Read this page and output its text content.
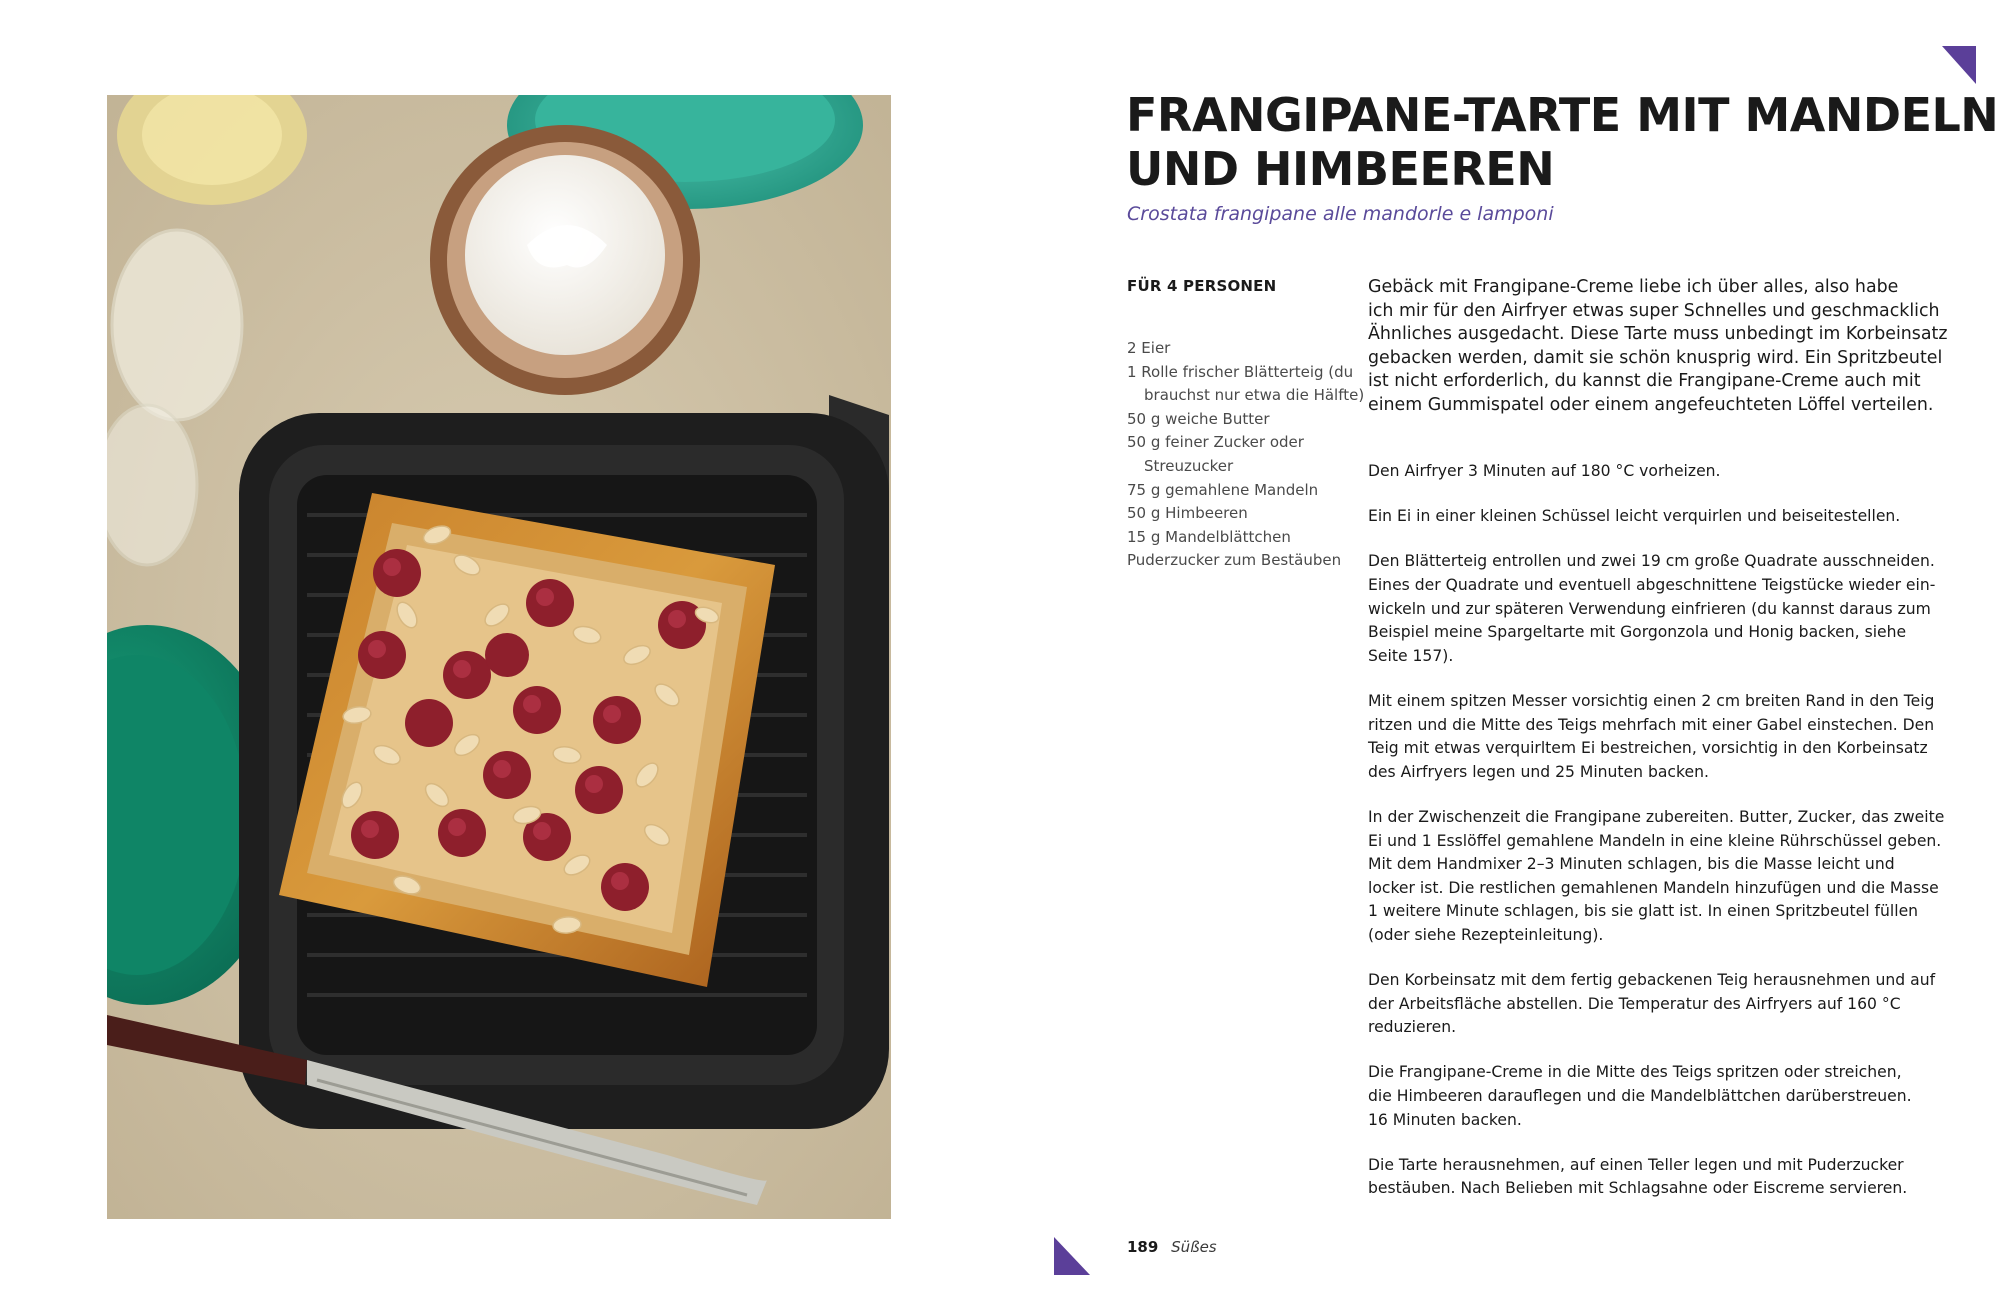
FRANGIPANE-TARTE MIT MANDELN
UND HIMBEEREN
Crostata frangipane alle mandorle e lamponi
FÜR 4 PERSONEN
2 Eier
1 Rolle frischer Blätterteig (du
brauchst nur etwa die Hälfte)
50 g weiche Butter
50 g feiner Zucker oder
Streuzucker
75 g gemahlene Mandeln
50 g Himbeeren
15 g Mandelblättchen
Puderzucker zum Bestäuben

Gebäck mit Frangipane-Creme liebe ich über alles, also habe
ich mir für den Airfryer etwas super Schnelles und geschmacklich
Ähnliches ausgedacht. Diese Tarte muss unbedingt im Korbeinsatz
gebacken werden, damit sie schön knusprig wird. Ein Spritzbeutel
ist nicht erforderlich, du kannst die Frangipane-Creme auch mit
einem Gummispatel oder einem angefeuchteten Löffel verteilen.

Den Airfryer 3 Minuten auf 180 °C vorheizen.

Ein Ei in einer kleinen Schüssel leicht verquirlen und beiseitestellen.

Den Blätterteig entrollen und zwei 19 cm große Quadrate ausschneiden.
Eines der Quadrate und eventuell abgeschnittene Teigstücke wieder ein-
wickeln und zur späteren Verwendung einfrieren (du kannst daraus zum
Beispiel meine Spargeltarte mit Gorgonzola und Honig backen, siehe
Seite 157).

Mit einem spitzen Messer vorsichtig einen 2 cm breiten Rand in den Teig
ritzen und die Mitte des Teigs mehrfach mit einer Gabel einstechen. Den
Teig mit etwas verquirltem Ei bestreichen, vorsichtig in den Korbeinsatz
des Airfryers legen und 25 Minuten backen.

In der Zwischenzeit die Frangipane zubereiten. Butter, Zucker, das zweite
Ei und 1 Esslöffel gemahlene Mandeln in eine kleine Rührschüssel geben.
Mit dem Handmixer 2–3 Minuten schlagen, bis die Masse leicht und
locker ist. Die restlichen gemahlenen Mandeln hinzufügen und die Masse
1 weitere Minute schlagen, bis sie glatt ist. In einen Spritzbeutel füllen
(oder siehe Rezepteinleitung).

Den Korbeinsatz mit dem fertig gebackenen Teig herausnehmen und auf
der Arbeitsfläche abstellen. Die Temperatur des Airfryers auf 160 °C
reduzieren.

Die Frangipane-Creme in die Mitte des Teigs spritzen oder streichen,
die Himbeeren darauflegen und die Mandelblättchen darüberstreuen.
16 Minuten backen.

Die Tarte herausnehmen, auf einen Teller legen und mit Puderzucker
bestäuben. Nach Belieben mit Schlagsahne oder Eiscreme servieren.

189 Süßes
